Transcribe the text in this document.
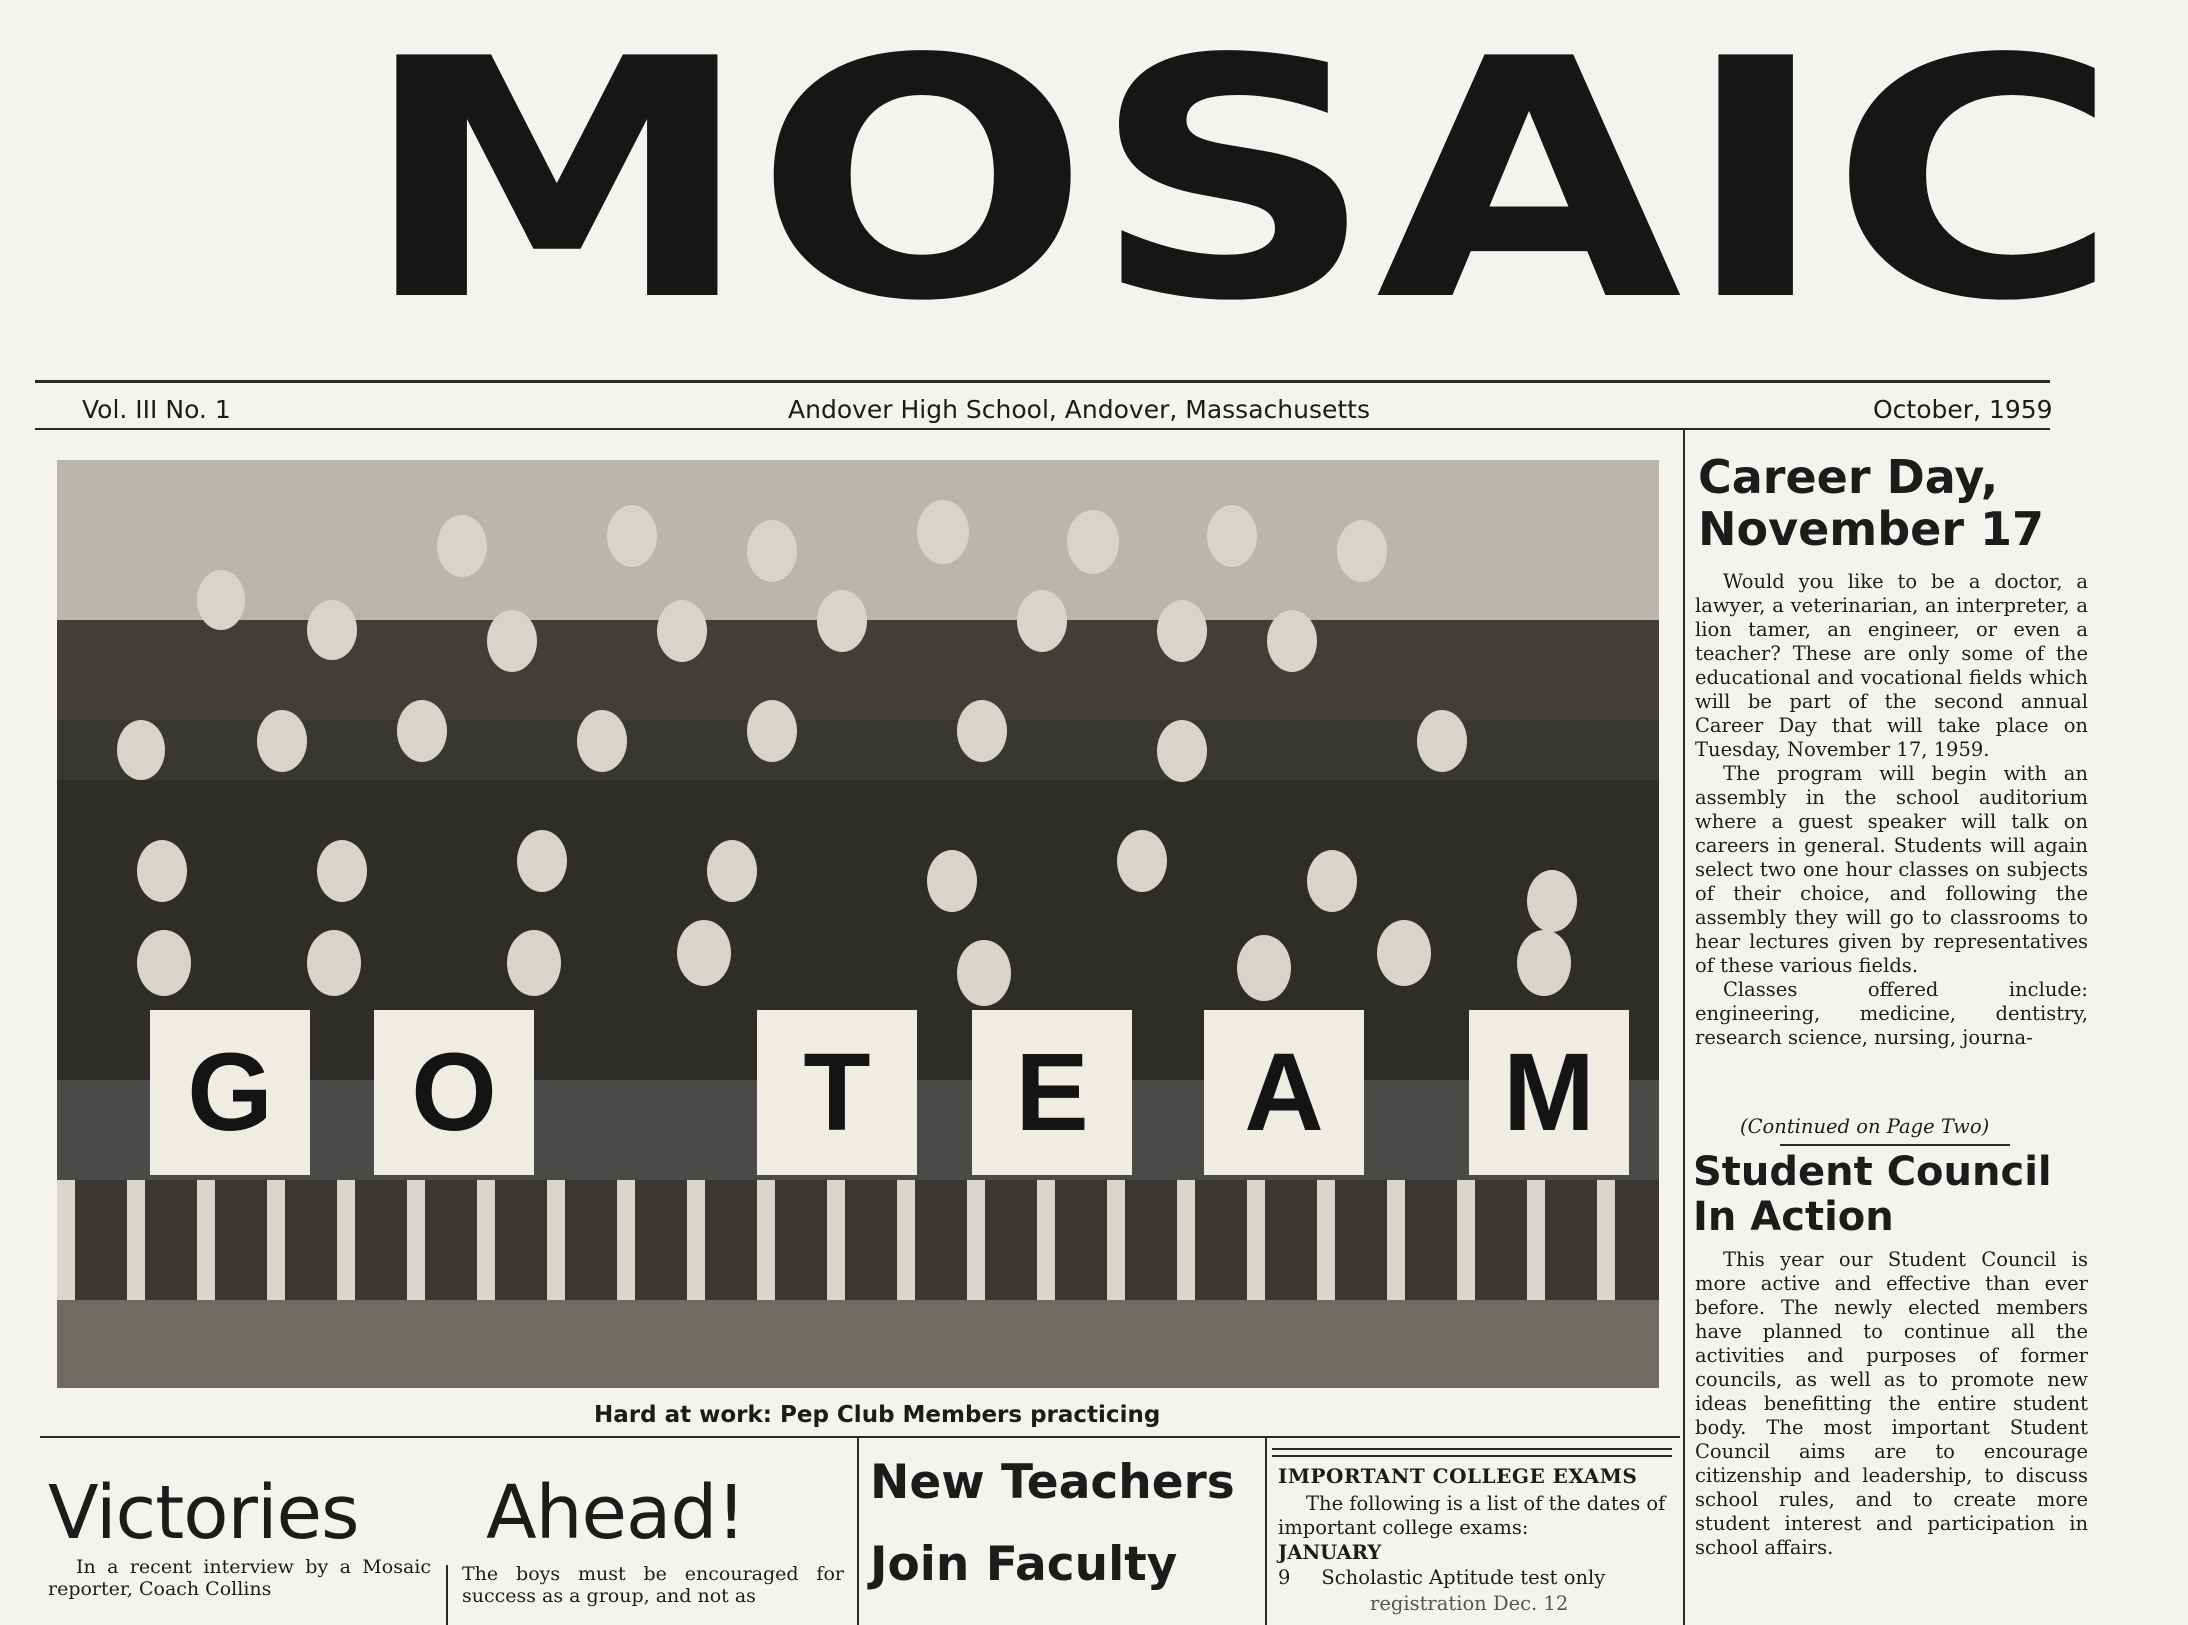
MOSAIC
Vol. III No. 1	Andover High School, Andover, Massachusetts	October, 1959
G	O	T	E	A	M
Hard at work: Pep Club Members practicing
Career Day, November 17

Would you like to be a doctor, a lawyer, a veterinarian, an interpreter, a lion tamer, an engineer, or even a teacher? These are only some of the educational and vocational fields which will be part of the second annual Career Day that will take place on Tuesday, November 17, 1959.

The program will begin with an assembly in the school auditorium where a guest speaker will talk on careers in general. Students will again select two one hour classes on subjects of their choice, and following the assembly they will go to classrooms to hear lectures given by representatives of these various fields.

Classes offered include: engineering, medicine, dentistry, research science, nursing, journa-

(Continued on Page Two)
Student Council In Action

This year our Student Council is more active and effective than ever before. The newly elected members have planned to continue all the activities and purposes of former councils, as well as to promote new ideas benefitting the entire student body. The most important Student Council aims are to encourage citizenship and leadership, to discuss school rules, and to create more student interest and participation in school affairs.

Victories Ahead!
In a recent interview by a Mosaic reporter, Coach Collins
The boys must be encouraged for success as a group, and not as
New Teachers
Join Faculty
IMPORTANT COLLEGE EXAMS
The following is a list of the dates of important college exams:
JANUARY
9     Scholastic Aptitude test only
registration Dec. 12
